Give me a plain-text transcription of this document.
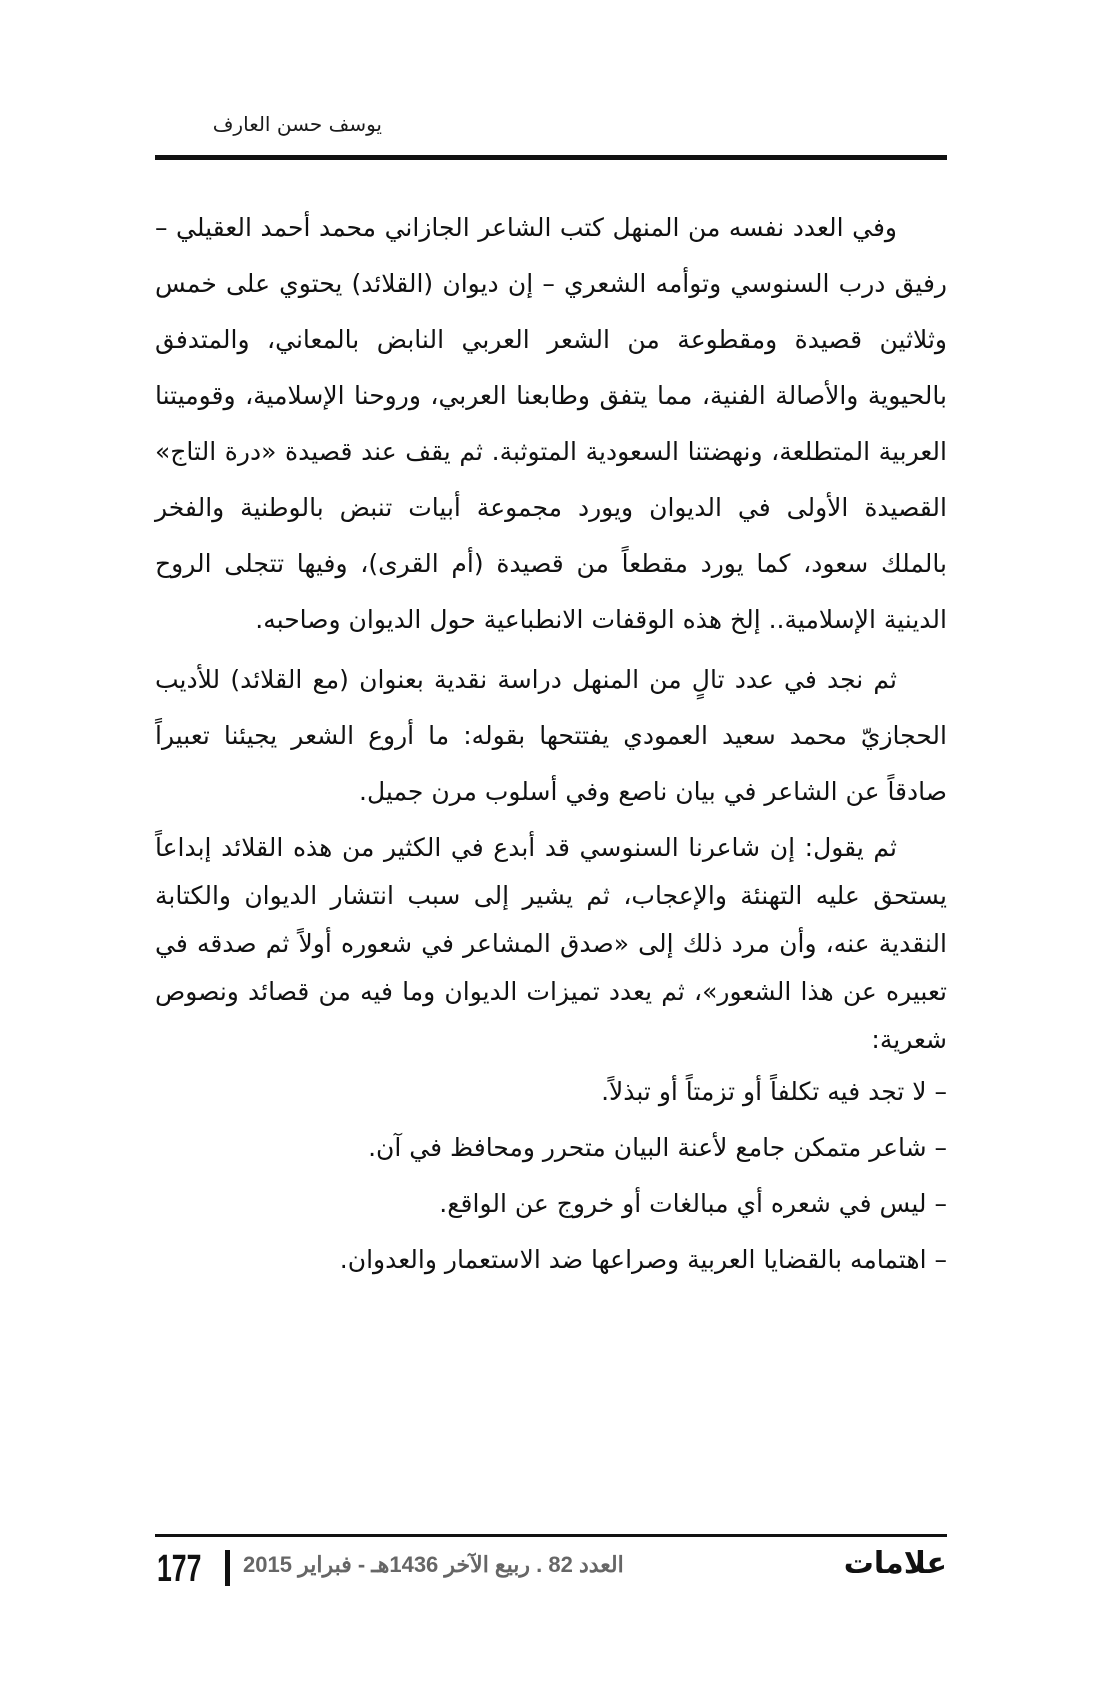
يوسف حسن العارف

وفي العدد نفسه من المنهل كتب الشاعر الجازاني محمد أحمد العقيلي – رفيق درب السنوسي وتوأمه الشعري – إن ديوان (القلائد) يحتوي على خمس وثلاثين قصيدة ومقطوعة من الشعر العربي النابض بالمعاني، والمتدفق بالحيوية والأصالة الفنية، مما يتفق وطابعنا العربي، وروحنا الإسلامية، وقوميتنا العربية المتطلعة، ونهضتنا السعودية المتوثبة. ثم يقف عند قصيدة «درة التاج» القصيدة الأولى في الديوان ويورد مجموعة أبيات تنبض بالوطنية والفخر بالملك سعود، كما يورد مقطعاً من قصيدة (أم القرى)، وفيها تتجلى الروح الدينية الإسلامية.. إلخ هذه الوقفات الانطباعية حول الديوان وصاحبه.

ثم نجد في عدد تالٍ من المنهل دراسة نقدية بعنوان (مع القلائد) للأديب الحجازيّ محمد سعيد العمودي يفتتحها بقوله: ما أروع الشعر يجيئنا تعبيراً صادقاً عن الشاعر في بيان ناصع وفي أسلوب مرن جميل.

ثم يقول: إن شاعرنا السنوسي قد أبدع في الكثير من هذه القلائد إبداعاً يستحق عليه التهنئة والإعجاب، ثم يشير إلى سبب انتشار الديوان والكتابة النقدية عنه، وأن مرد ذلك إلى «صدق المشاعر في شعوره أولاً ثم صدقه في تعبيره عن هذا الشعور»، ثم يعدد تميزات الديوان وما فيه من قصائد ونصوص شعرية:

– لا تجد فيه تكلفاً أو تزمتاً أو تبذلاً.
– شاعر متمكن جامع لأعنة البيان متحرر ومحافظ في آن.
– ليس في شعره أي مبالغات أو خروج عن الواقع.
– اهتمامه بالقضايا العربية وصراعها ضد الاستعمار والعدوان.
177 العدد 82 . ربيع الآخر 1436هـ - فبراير 2015	علامات
